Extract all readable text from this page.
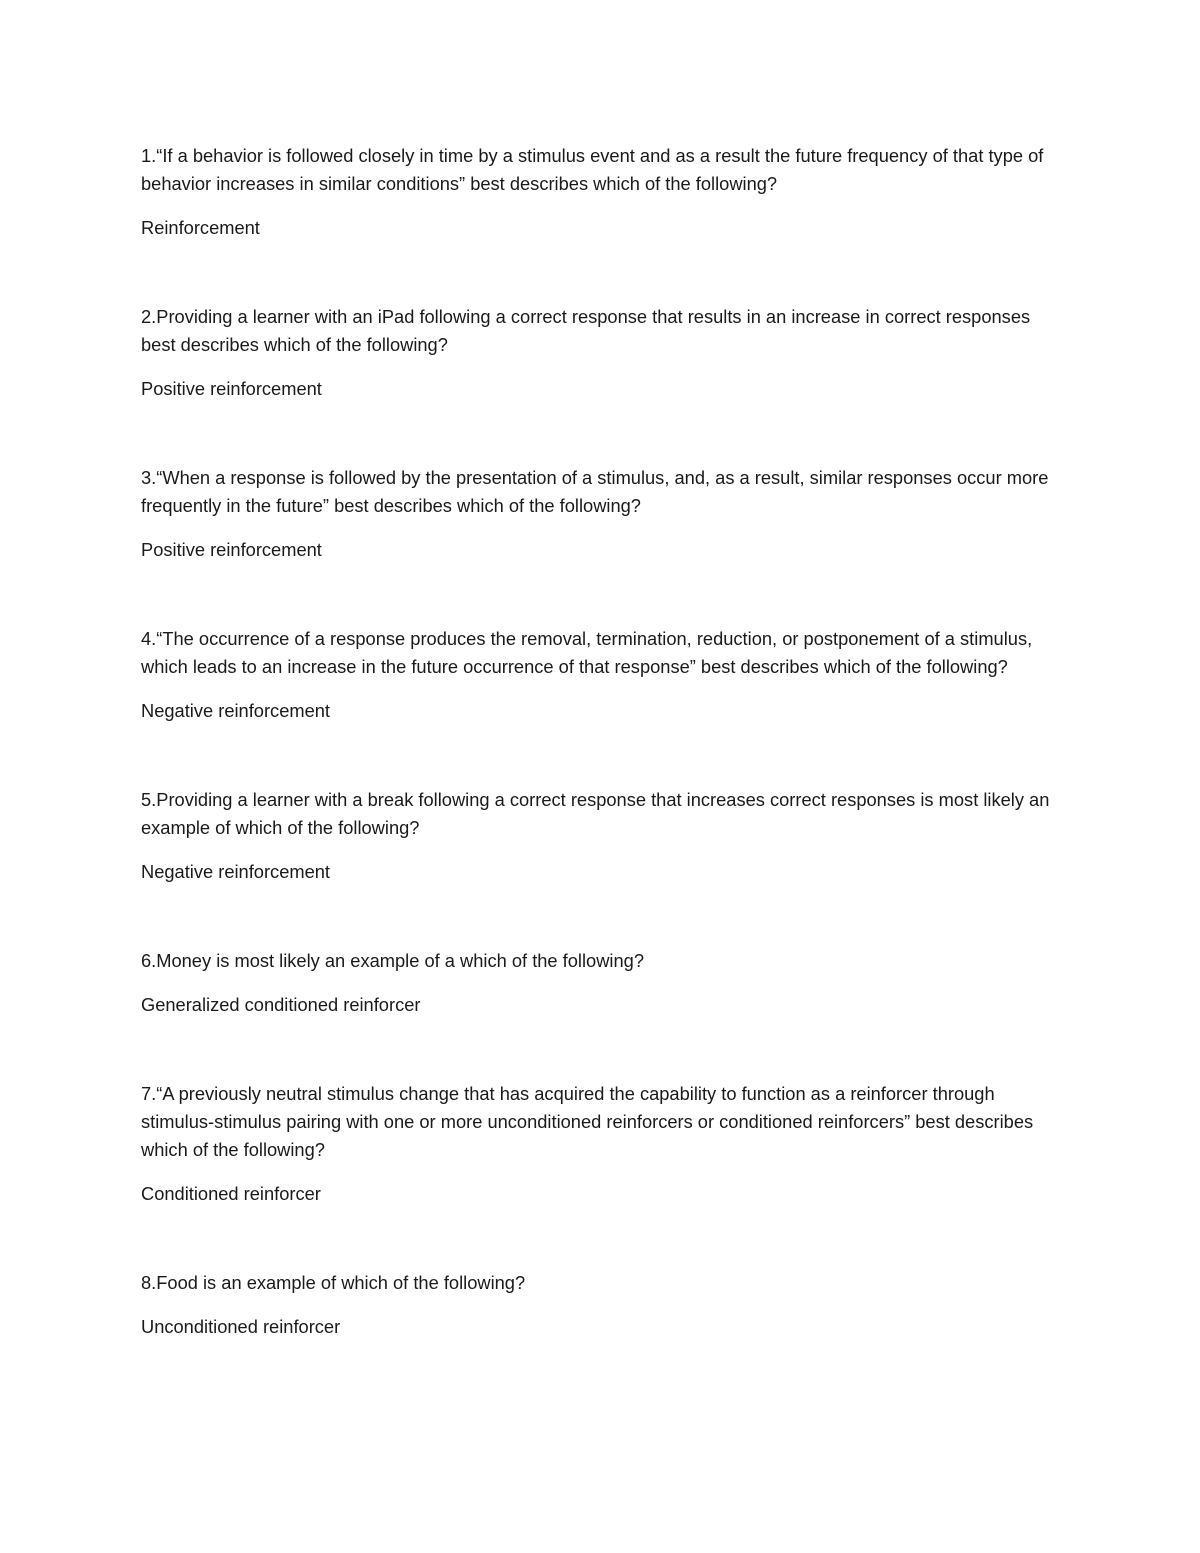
1.“If a behavior is followed closely in time by a stimulus event and as a result the future frequency of that type of behavior increases in similar conditions” best describes which of the following?

Reinforcement

2.Providing a learner with an iPad following a correct response that results in an increase in correct responses best describes which of the following?

Positive reinforcement

3.“When a response is followed by the presentation of a stimulus, and, as a result, similar responses occur more frequently in the future” best describes which of the following?

Positive reinforcement

4.“The occurrence of a response produces the removal, termination, reduction, or postponement of a stimulus, which leads to an increase in the future occurrence of that response” best describes which of the following?

Negative reinforcement

5.Providing a learner with a break following a correct response that increases correct responses is most likely an example of which of the following?

Negative reinforcement

6.Money is most likely an example of a which of the following?

Generalized conditioned reinforcer

7.“A previously neutral stimulus change that has acquired the capability to function as a reinforcer through stimulus-stimulus pairing with one or more unconditioned reinforcers or conditioned reinforcers” best describes which of the following?

Conditioned reinforcer

8.Food is an example of which of the following?

Unconditioned reinforcer
